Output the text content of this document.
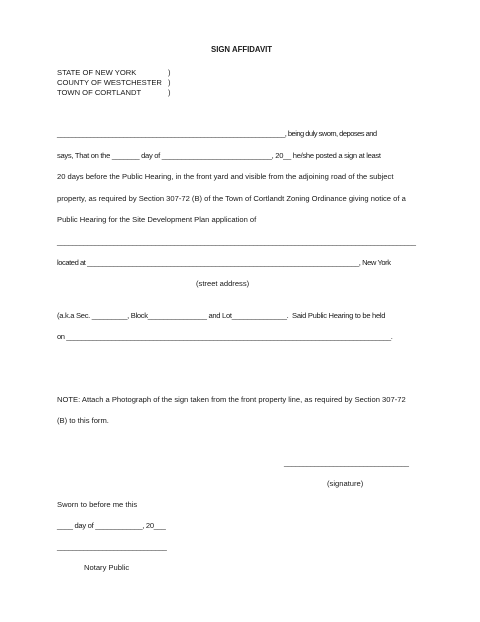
SIGN AFFIDAVIT
STATE OF NEW YORK	)
COUNTY OF WESTCHESTER )
TOWN OF CORTLANDT	)
______________________________________________________________, being duly sworn, deposes and
says, That on the _______ day of ____________________________, 20__ he/she posted a sign at least
20 days before the Public Hearing, in the front yard and visible from the adjoining road of the subject
property, as required by Section 307-72 (B) of the Town of Cortlandt Zoning Ordinance giving notice of a
Public Hearing for the Site Development Plan application of
_______________________________________________________________________________________________
located at ________________________________________________________________________, New York
(street address)
(a.k.a Sec. _________, Block_______________ and Lot______________.  Said Public Hearing to be held
on ______________________________________________________________________________________.
NOTE: Attach a Photograph of the sign taken from the front property line, as required by Section 307-72
(B) to this form.
_________________________________
(signature)
Sworn to before me this
____ day of ____________, 20___
_____________________________
Notary Public
